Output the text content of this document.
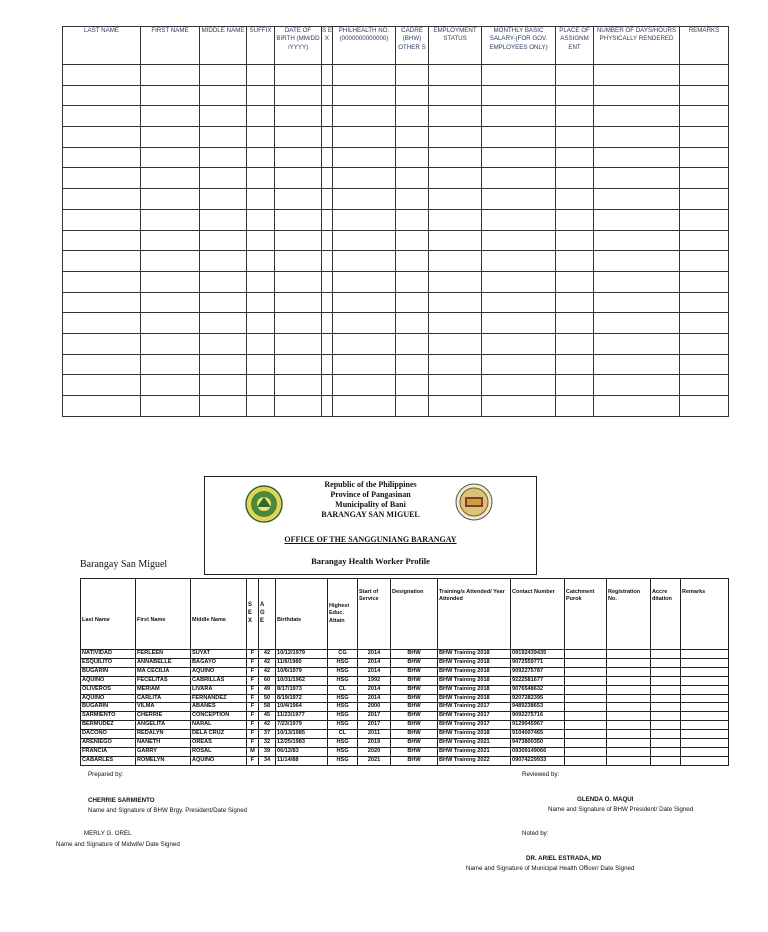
LAST NAME	FIRST NAME	MIDDLE NAME	SUFFIX	DATE OF BIRTH (MM/DD /YYYY)	S E X	PHILHEALTH NO. (0000000000000)	CADRE (BHW) OTHER S	EMPLOYMENT STATUS	MONTHLY BASIC SALARY-(FOR GOV. EMPLOYEES ONLY)	PLACE OF ASSIGNM ENT	NUMBER OF DAYS/HOURS PHYSICALLY RENDERED	REMARKS

Republic of the Philippines
Province of Pangasinan
Municipality of Bani
BARANGAY SAN MIGUEL
OFFICE OF THE SANGGUNIANG BARANGAY
Barangay Health Worker Profile
Barangay San Miguel
Last Name	First Name	Middle Name	S E X	A G E	Birthdate	Highest Educ. Attain	Start of Service	Designation	Training/s Attended/ Year Attended	Contact Number	Catchment Purok	Registration No.	Accre ditation	Remarks
NATIVIDAD	FERLEEN	SUYAT	F	42	10/12/1979	CG	2014	BHW	BHW Training 2018	09192439435				
ESQUILITO	ANNABELLE	BAGAYO	F	42	11/6/1980	HSG	2014	BHW	BHW Training 2018	9072559771				
BUGARIN	MA CECILIA	AQUINO	F	42	10/6/1979	HSG	2014	BHW	BHW Training 2018	9092275787				
AQUINO	FECELITAS	CABRILLAS	F	60	10/31/1962	HSG	1992	BHW	BHW Training 2018	9222581677				
OLIVEROS	MERIAM	LIVARA	F	49	8/17/1973	CL	2014	BHW	BHW Training 2018	9076548632				
AQUINO	CARLITA	FERNANDEZ	F	50	8/19/1972	HSG	2014	BHW	BHW Training 2018	9207282395				
BUGARIN	VILMA	ABANES	F	58	10/4/1964	HSG	2000	BHW	BHW Training 2017	9489238653				
SARMIENTO	CHERRIE	CONCEPTION	F	45	11/23/1977	HSG	2017	BHW	BHW Training 2017	9092275716				
BERMUDEZ	ANGELITA	NARAL	F	42	7/23/1979	HSG	2017	BHW	BHW Training 2017	9129045967				
DACONO	REDALYN	DELA CRUZ	F	37	10/13/1985	CL	2011	BHW	BHW Training 2018	9104007465				
ARENIEGO	NANETH	OREAS	F	32	12/25/1983	HSG	2019	BHW	BHW Training 2021	9473800350				
FRANCIA	GARRY	ROSAL	M	39	06/12/83	HSG	2020	BHW	BHW Training 2021	09309149066				
CABARLES	ROMELYN	AQUINO	F	34	11/14/88	HSG	2021	BHW	BHW Training 2022	09074229933				
Prepared by:
CHERRIE SARMIENTO
Name and Signature of BHW Brgy. President/Date Signed
MERLY G. OREL
Name and Signature of Midwife/ Date Signed
Reviewed by:
GLENDA O. MAQUI
Name and Signature of BHW President/ Date Signed
Noted by:
DR. ARIEL ESTRADA, MD
Name and Signature of Municipal Health Officer/ Date Signed
